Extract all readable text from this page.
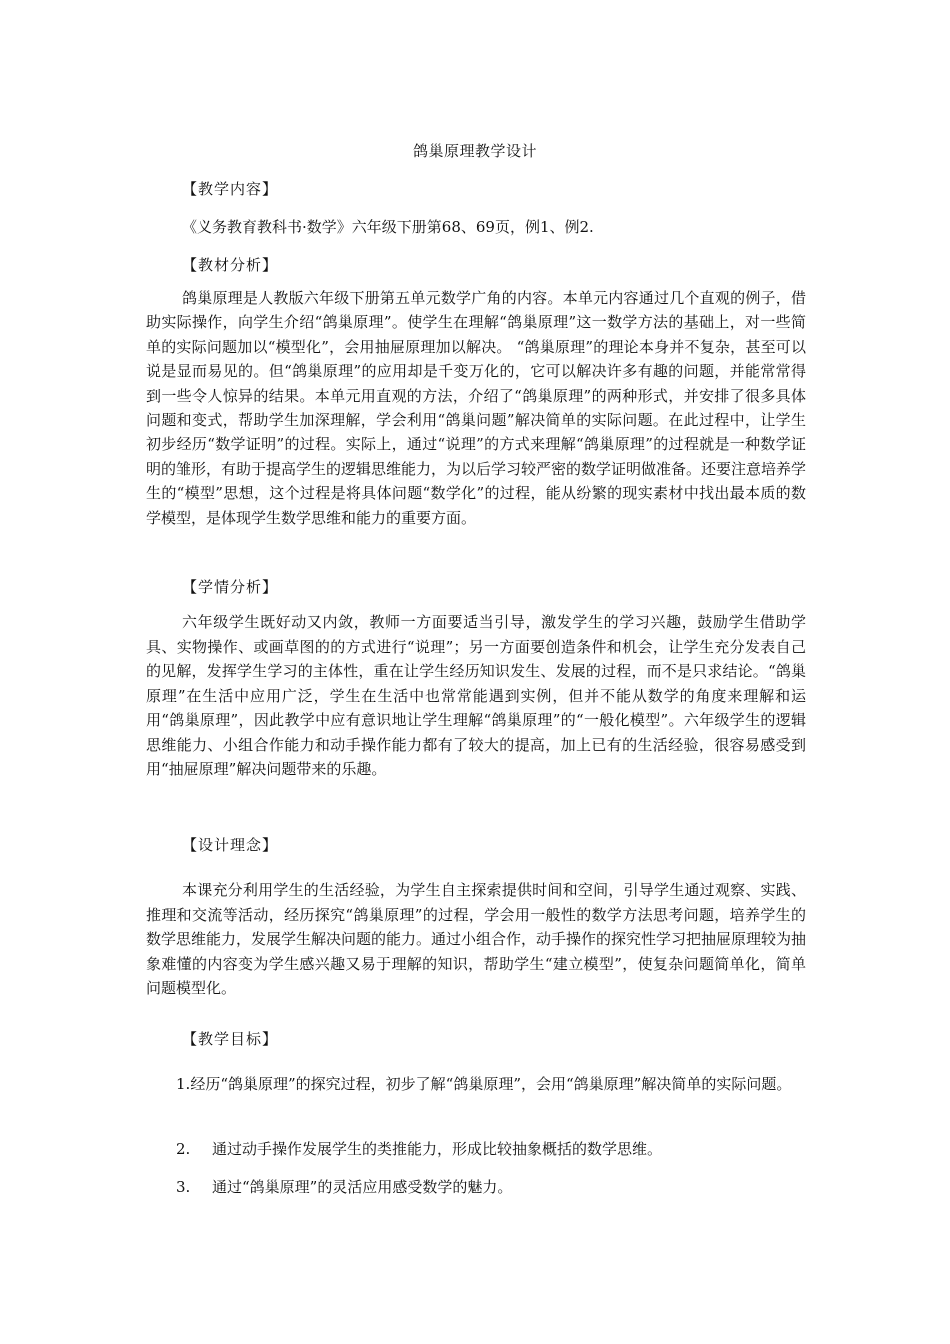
鸽巢原理教学设计
【教学内容】
《义务教育教科书·数学》六年级下册第68、69页，例1、例2.
【教材分析】
鸽巢原理是人教版六年级下册第五单元数学广角的内容。本单元内容通过几个直观的例子，借助实际操作，向学生介绍“鸽巢原理”。使学生在理解“鸽巢原理”这一数学方法的基础上，对一些简单的实际问题加以“模型化”，会用抽屉原理加以解决。 “鸽巢原理”的理论本身并不复杂，甚至可以说是显而易见的。但“鸽巢原理”的应用却是千变万化的，它可以解决许多有趣的问题，并能常常得到一些令人惊异的结果。本单元用直观的方法，介绍了“鸽巢原理”的两种形式，并安排了很多具体问题和变式，帮助学生加深理解，学会利用“鸽巢问题”解决简单的实际问题。在此过程中，让学生初步经历“数学证明”的过程。实际上，通过“说理”的方式来理解“鸽巢原理”的过程就是一种数学证明的雏形，有助于提高学生的逻辑思维能力，为以后学习较严密的数学证明做准备。还要注意培养学生的“模型”思想，这个过程是将具体问题“数学化”的过程，能从纷繁的现实素材中找出最本质的数学模型，是体现学生数学思维和能力的重要方面。
【学情分析】
六年级学生既好动又内敛，教师一方面要适当引导，激发学生的学习兴趣，鼓励学生借助学具、实物操作、或画草图的的方式进行“说理”；另一方面要创造条件和机会，让学生充分发表自己的见解，发挥学生学习的主体性，重在让学生经历知识发生、发展的过程，而不是只求结论。“鸽巢原理”在生活中应用广泛，学生在生活中也常常能遇到实例，但并不能从数学的角度来理解和运用“鸽巢原理”，因此教学中应有意识地让学生理解“鸽巢原理”的“一般化模型”。六年级学生的逻辑思维能力、小组合作能力和动手操作能力都有了较大的提高，加上已有的生活经验，很容易感受到用“抽屉原理”解决问题带来的乐趣。
【设计理念】
本课充分利用学生的生活经验，为学生自主探索提供时间和空间，引导学生通过观察、实践、推理和交流等活动，经历探究“鸽巢原理”的过程，学会用一般性的数学方法思考问题，培养学生的数学思维能力，发展学生解决问题的能力。通过小组合作，动手操作的探究性学习把抽屉原理较为抽象难懂的内容变为学生感兴趣又易于理解的知识，帮助学生“建立模型”，使复杂问题简单化，简单问题模型化。
【教学目标】
1.经历“鸽巢原理”的探究过程，初步了解“鸽巢原理”，会用“鸽巢原理”解决简单的实际问题。
2. 通过动手操作发展学生的类推能力，形成比较抽象概括的数学思维。
3. 通过“鸽巢原理”的灵活应用感受数学的魅力。
